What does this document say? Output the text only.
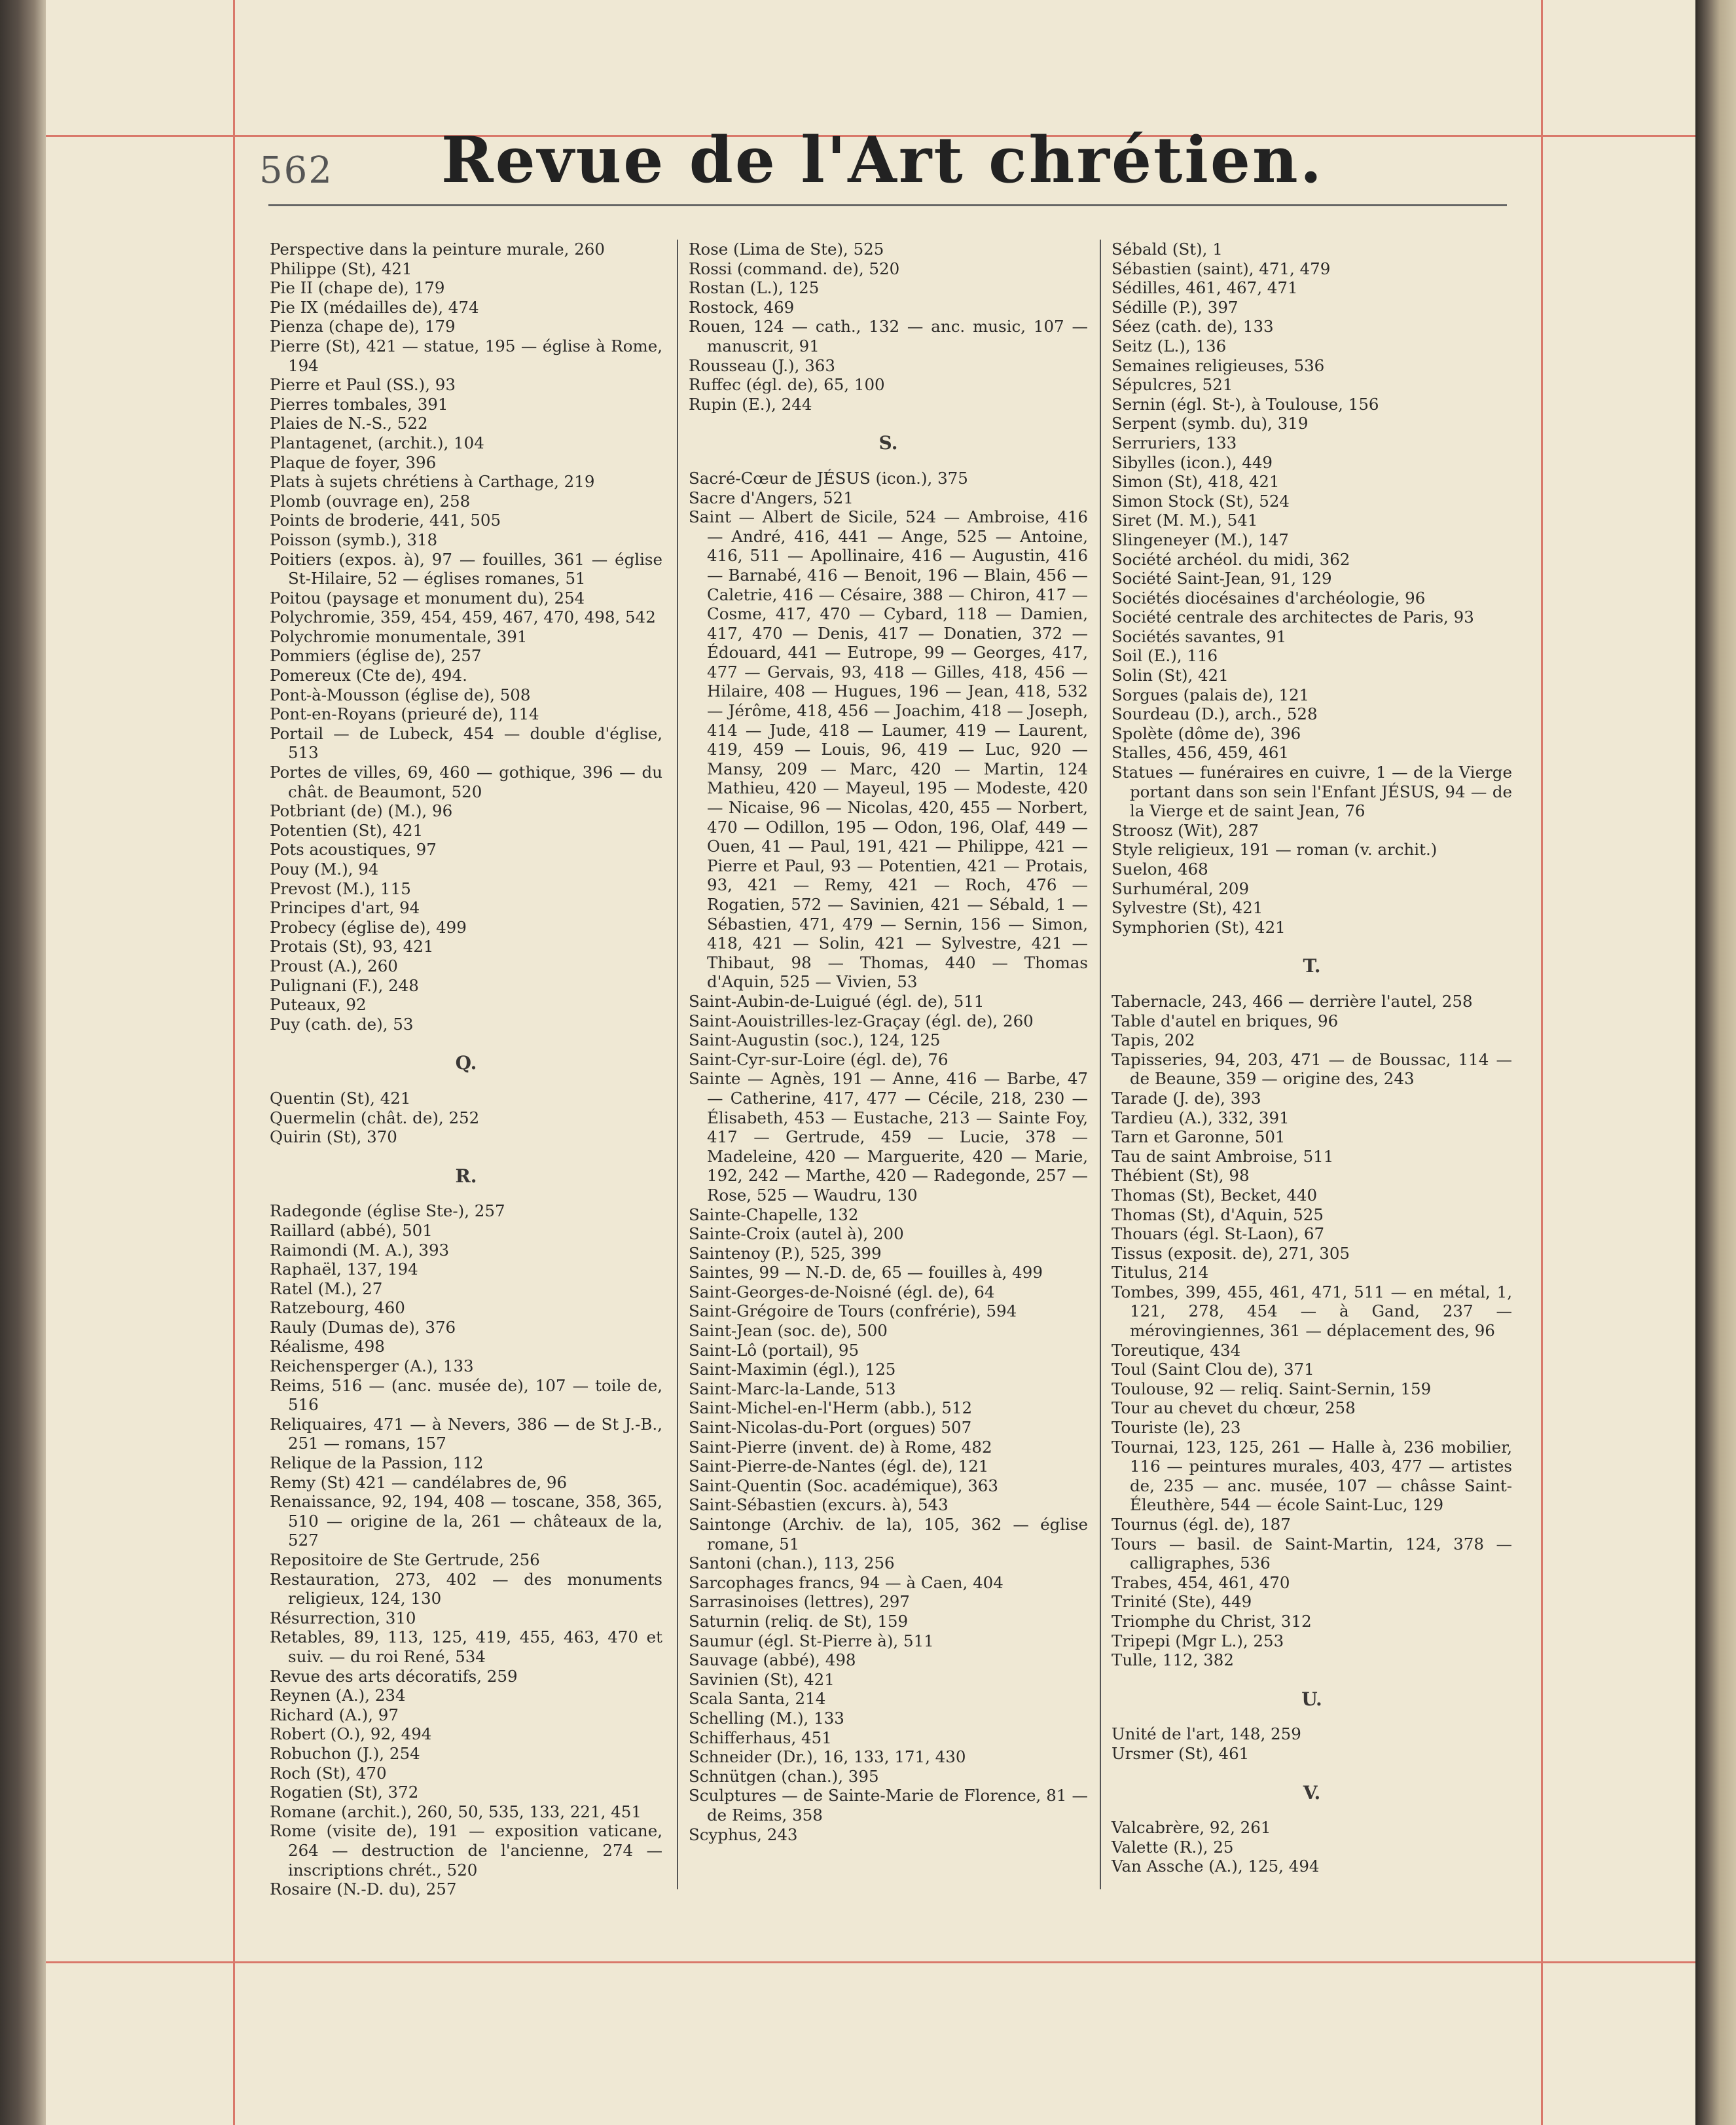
562	Revue de l'Art chrétien.
Perspective dans la peinture murale, 260
Philippe (St), 421
Pie II (chape de), 179
Pie IX (médailles de), 474
Pienza (chape de), 179
Pierre (St), 421 — statue, 195 — église à Rome, 194
Pierre et Paul (SS.), 93
Pierres tombales, 391
Plaies de N.-S., 522
Plantagenet, (archit.), 104
Plaque de foyer, 396
Plats à sujets chrétiens à Carthage, 219
Plomb (ouvrage en), 258
Points de broderie, 441, 505
Poisson (symb.), 318
Poitiers (expos. à), 97 — fouilles, 361 — église St-Hilaire, 52 — églises romanes, 51
Poitou (paysage et monument du), 254
Polychromie, 359, 454, 459, 467, 470, 498, 542
Polychromie monumentale, 391
Pommiers (église de), 257
Pomereux (Cte de), 494.
Pont-à-Mousson (église de), 508
Pont-en-Royans (prieuré de), 114
Portail — de Lubeck, 454 — double d'église, 513
Portes de villes, 69, 460 — gothique, 396 — du chât. de Beaumont, 520
Potbriant (de) (M.), 96
Potentien (St), 421
Pots acoustiques, 97
Pouy (M.), 94
Prevost (M.), 115
Principes d'art, 94
Probecy (église de), 499
Protais (St), 93, 421
Proust (A.), 260
Pulignani (F.), 248
Puteaux, 92
Puy (cath. de), 53
Q.
Quentin (St), 421
Quermelin (chât. de), 252
Quirin (St), 370
R.
Radegonde (église Ste-), 257
Raillard (abbé), 501
Raimondi (M. A.), 393
Raphaël, 137, 194
Ratel (M.), 27
Ratzebourg, 460
Rauly (Dumas de), 376
Réalisme, 498
Reichensperger (A.), 133
Reims, 516 — (anc. musée de), 107 — toile de, 516
Reliquaires, 471 — à Nevers, 386 — de St J.-B., 251 — romans, 157
Relique de la Passion, 112
Remy (St) 421 — candélabres de, 96
Renaissance, 92, 194, 408 — toscane, 358, 365, 510 — origine de la, 261 — châteaux de la, 527
Repositoire de Ste Gertrude, 256
Restauration, 273, 402 — des monuments religieux, 124, 130
Résurrection, 310
Retables, 89, 113, 125, 419, 455, 463, 470 et suiv. — du roi René, 534
Revue des arts décoratifs, 259
Reynen (A.), 234
Richard (A.), 97
Robert (O.), 92, 494
Robuchon (J.), 254
Roch (St), 470
Rogatien (St), 372
Romane (archit.), 260, 50, 535, 133, 221, 451
Rome (visite de), 191 — exposition vaticane, 264 — destruction de l'ancienne, 274 — inscriptions chrét., 520
Rosaire (N.-D. du), 257
Rose (Lima de Ste), 525
Rossi (command. de), 520
Rostan (L.), 125
Rostock, 469
Rouen, 124 — cath., 132 — anc. music, 107 — manuscrit, 91
Rousseau (J.), 363
Ruffec (égl. de), 65, 100
Rupin (E.), 244
S.
Sacré-Cœur de JÉSUS (icon.), 375
Sacre d'Angers, 521
Saint — Albert de Sicile, 524 — Ambroise, 416 — André, 416, 441 — Ange, 525 — Antoine, 416, 511 — Apollinaire, 416 — Augustin, 416 — Barnabé, 416 — Benoit, 196 — Blain, 456 — Caletrie, 416 — Césaire, 388 — Chiron, 417 — Cosme, 417, 470 — Cybard, 118 — Damien, 417, 470 — Denis, 417 — Donatien, 372 — Édouard, 441 — Eutrope, 99 — Georges, 417, 477 — Gervais, 93, 418 — Gilles, 418, 456 — Hilaire, 408 — Hugues, 196 — Jean, 418, 532 — Jérôme, 418, 456 — Joachim, 418 — Joseph, 414 — Jude, 418 — Laumer, 419 — Laurent, 419, 459 — Louis, 96, 419 — Luc, 920 — Mansy, 209 — Marc, 420 — Martin, 124 Mathieu, 420 — Mayeul, 195 — Modeste, 420 — Nicaise, 96 — Nicolas, 420, 455 — Norbert, 470 — Odillon, 195 — Odon, 196, Olaf, 449 — Ouen, 41 — Paul, 191, 421 — Philippe, 421 — Pierre et Paul, 93 — Potentien, 421 — Protais, 93, 421 — Remy, 421 — Roch, 476 — Rogatien, 572 — Savinien, 421 — Sébald, 1 — Sébastien, 471, 479 — Sernin, 156 — Simon, 418, 421 — Solin, 421 — Sylvestre, 421 — Thibaut, 98 — Thomas, 440 — Thomas d'Aquin, 525 — Vivien, 53
Saint-Aubin-de-Luigué (égl. de), 511
Saint-Aouistrilles-lez-Graçay (égl. de), 260
Saint-Augustin (soc.), 124, 125
Saint-Cyr-sur-Loire (égl. de), 76
Sainte — Agnès, 191 — Anne, 416 — Barbe, 47 — Catherine, 417, 477 — Cécile, 218, 230 — Élisabeth, 453 — Eustache, 213 — Sainte Foy, 417 — Gertrude, 459 — Lucie, 378 — Madeleine, 420 — Marguerite, 420 — Marie, 192, 242 — Marthe, 420 — Radegonde, 257 — Rose, 525 — Waudru, 130
Sainte-Chapelle, 132
Sainte-Croix (autel à), 200
Saintenoy (P.), 525, 399
Saintes, 99 — N.-D. de, 65 — fouilles à, 499
Saint-Georges-de-Noisné (égl. de), 64
Saint-Grégoire de Tours (confrérie), 594
Saint-Jean (soc. de), 500
Saint-Lô (portail), 95
Saint-Maximin (égl.), 125
Saint-Marc-la-Lande, 513
Saint-Michel-en-l'Herm (abb.), 512
Saint-Nicolas-du-Port (orgues) 507
Saint-Pierre (invent. de) à Rome, 482
Saint-Pierre-de-Nantes (égl. de), 121
Saint-Quentin (Soc. académique), 363
Saint-Sébastien (excurs. à), 543
Saintonge (Archiv. de la), 105, 362 — église romane, 51
Santoni (chan.), 113, 256
Sarcophages francs, 94 — à Caen, 404
Sarrasinoises (lettres), 297
Saturnin (reliq. de St), 159
Saumur (égl. St-Pierre à), 511
Sauvage (abbé), 498
Savinien (St), 421
Scala Santa, 214
Schelling (M.), 133
Schifferhaus, 451
Schneider (Dr.), 16, 133, 171, 430
Schnütgen (chan.), 395
Sculptures — de Sainte-Marie de Florence, 81 — de Reims, 358
Scyphus, 243
Sébald (St), 1
Sébastien (saint), 471, 479
Sédilles, 461, 467, 471
Sédille (P.), 397
Séez (cath. de), 133
Seitz (L.), 136
Semaines religieuses, 536
Sépulcres, 521
Sernin (égl. St-), à Toulouse, 156
Serpent (symb. du), 319
Serruriers, 133
Sibylles (icon.), 449
Simon (St), 418, 421
Simon Stock (St), 524
Siret (M. M.), 541
Slingeneyer (M.), 147
Société archéol. du midi, 362
Société Saint-Jean, 91, 129
Sociétés diocésaines d'archéologie, 96
Société centrale des architectes de Paris, 93
Sociétés savantes, 91
Soil (E.), 116
Solin (St), 421
Sorgues (palais de), 121
Sourdeau (D.), arch., 528
Spolète (dôme de), 396
Stalles, 456, 459, 461
Statues — funéraires en cuivre, 1 — de la Vierge portant dans son sein l'Enfant JÉSUS, 94 — de la Vierge et de saint Jean, 76
Stroosz (Wit), 287
Style religieux, 191 — roman (v. archit.)
Suelon, 468
Surhuméral, 209
Sylvestre (St), 421
Symphorien (St), 421
T.
Tabernacle, 243, 466 — derrière l'autel, 258
Table d'autel en briques, 96
Tapis, 202
Tapisseries, 94, 203, 471 — de Boussac, 114 — de Beaune, 359 — origine des, 243
Tarade (J. de), 393
Tardieu (A.), 332, 391
Tarn et Garonne, 501
Tau de saint Ambroise, 511
Thébient (St), 98
Thomas (St), Becket, 440
Thomas (St), d'Aquin, 525
Thouars (égl. St-Laon), 67
Tissus (exposit. de), 271, 305
Titulus, 214
Tombes, 399, 455, 461, 471, 511 — en métal, 1, 121, 278, 454 — à Gand, 237 — mérovingiennes, 361 — déplacement des, 96
Toreutique, 434
Toul (Saint Clou de), 371
Toulouse, 92 — reliq. Saint-Sernin, 159
Tour au chevet du chœur, 258
Touriste (le), 23
Tournai, 123, 125, 261 — Halle à, 236 mobilier, 116 — peintures murales, 403, 477 — artistes de, 235 — anc. musée, 107 — châsse Saint-Éleuthère, 544 — école Saint-Luc, 129
Tournus (égl. de), 187
Tours — basil. de Saint-Martin, 124, 378 — calligraphes, 536
Trabes, 454, 461, 470
Trinité (Ste), 449
Triomphe du Christ, 312
Tripepi (Mgr L.), 253
Tulle, 112, 382
U.
Unité de l'art, 148, 259
Ursmer (St), 461
V.
Valcabrère, 92, 261
Valette (R.), 25
Van Assche (A.), 125, 494
